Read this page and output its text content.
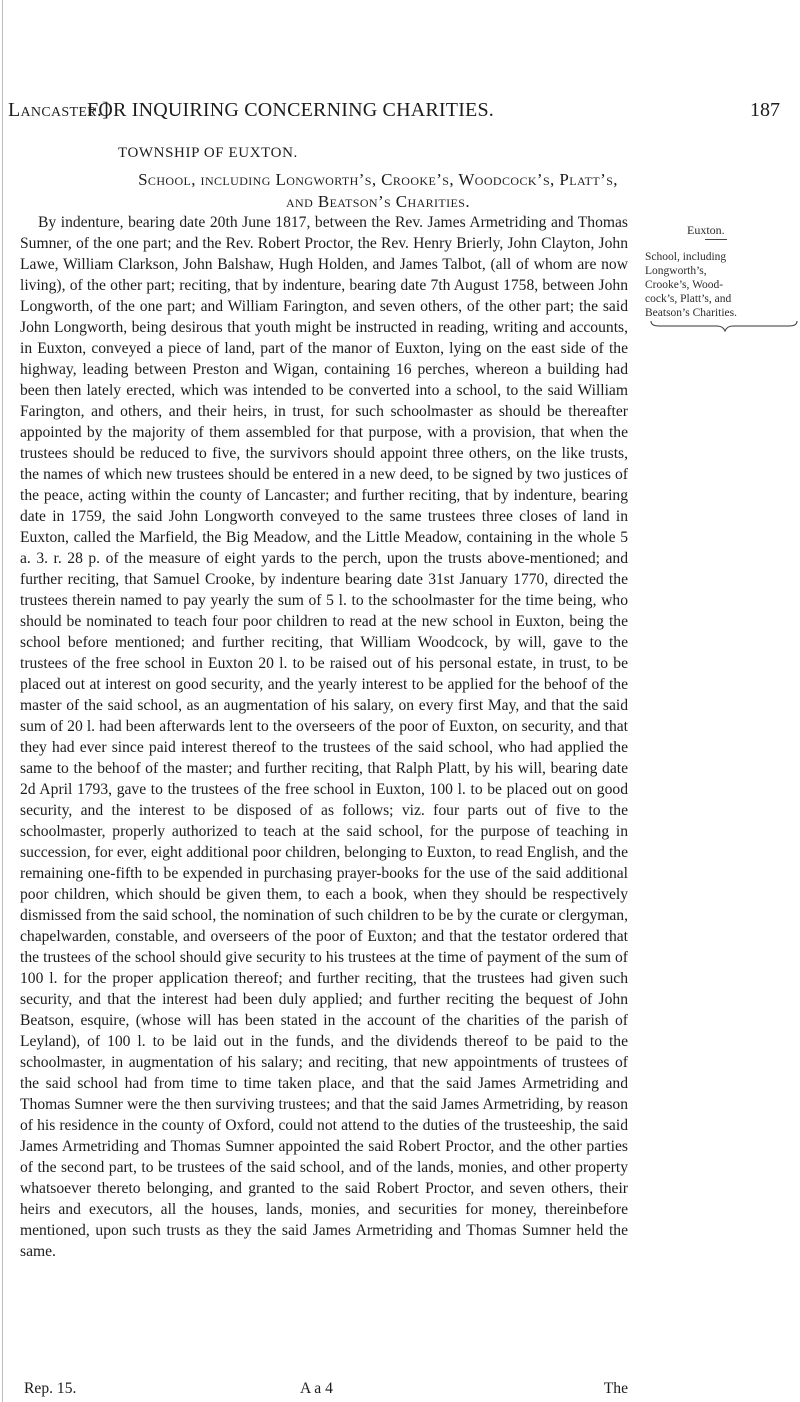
Lancaster.]
FOR INQUIRING CONCERNING CHARITIES.	187
TOWNSHIP OF EUXTON.
School, including Longworth’s, Crooke’s, Woodcock’s, Platt’s,
and Beatson’s Charities.

By indenture, bearing date 20th June 1817, between the Rev. James Armetriding and Thomas Sumner, of the one part; and the Rev. Robert Proctor, the Rev. Henry Brierly, John Clayton, John Lawe, William Clarkson, John Balshaw, Hugh Holden, and James Talbot, (all of whom are now living), of the other part; reciting, that by indenture, bearing date 7th August 1758, between John Longworth, of the one part; and William Farington, and seven others, of the other part; the said John Longworth, being desirous that youth might be instructed in reading, writing and accounts, in Euxton, conveyed a piece of land, part of the manor of Euxton, lying on the east side of the highway, leading between Preston and Wigan, containing 16 perches, whereon a building had been then lately erected, which was intended to be converted into a school, to the said William Farington, and others, and their heirs, in trust, for such schoolmaster as should be thereafter appointed by the majority of them assembled for that purpose, with a provision, that when the trustees should be reduced to five, the survivors should appoint three others, on the like trusts, the names of which new trustees should be entered in a new deed, to be signed by two justices of the peace, acting within the county of Lancaster; and further reciting, that by indenture, bearing date in 1759, the said John Longworth conveyed to the same trustees three closes of land in Euxton, called the Marfield, the Big Meadow, and the Little Meadow, containing in the whole 5 a. 3. r. 28 p. of the measure of eight yards to the perch, upon the trusts above-mentioned; and further reciting, that Samuel Crooke, by indenture bearing date 31st January 1770, directed the trustees therein named to pay yearly the sum of 5 l. to the schoolmaster for the time being, who should be nominated to teach four poor children to read at the new school in Euxton, being the school before mentioned; and further reciting, that William Woodcock, by will, gave to the trustees of the free school in Euxton 20 l. to be raised out of his personal estate, in trust, to be placed out at interest on good security, and the yearly interest to be applied for the behoof of the master of the said school, as an augmentation of his salary, on every first May, and that the said sum of 20 l. had been afterwards lent to the overseers of the poor of Euxton, on security, and that they had ever since paid interest thereof to the trustees of the said school, who had applied the same to the behoof of the master; and further reciting, that Ralph Platt, by his will, bearing date 2d April 1793, gave to the trustees of the free school in Euxton, 100 l. to be placed out on good security, and the interest to be disposed of as follows; viz. four parts out of five to the schoolmaster, properly authorized to teach at the said school, for the purpose of teaching in succession, for ever, eight additional poor children, belonging to Euxton, to read English, and the remaining one-fifth to be expended in purchasing prayer-books for the use of the said additional poor children, which should be given them, to each a book, when they should be respectively dismissed from the said school, the nomination of such children to be by the curate or clergyman, chapelwarden, constable, and overseers of the poor of Euxton; and that the testator ordered that the trustees of the school should give security to his trustees at the time of payment of the sum of 100 l. for the proper application thereof; and further reciting, that the trustees had given such security, and that the interest had been duly applied; and further reciting the bequest of John Beatson, esquire, (whose will has been stated in the account of the charities of the parish of Leyland), of 100 l. to be laid out in the funds, and the dividends thereof to be paid to the schoolmaster, in augmentation of his salary; and reciting, that new appointments of trustees of the said school had from time to time taken place, and that the said James Armetriding and Thomas Sumner were the then surviving trustees; and that the said James Armetriding, by reason of his residence in the county of Oxford, could not attend to the duties of the trusteeship, the said James Armetriding and Thomas Sumner appointed the said Robert Proctor, and the other parties of the second part, to be trustees of the said school, and of the lands, monies, and other property whatsoever thereto belonging, and granted to the said Robert Proctor, and seven others, their heirs and executors, all the houses, lands, monies, and securities for money, thereinbefore mentioned, upon such trusts as they the said James Armetriding and Thomas Sumner held the same.

Euxton.
School, including
Longworth’s,
Crooke’s, Wood-
cock’s, Platt’s, and
Beatson’s Charities.
Rep. 15.	A a 4	The
